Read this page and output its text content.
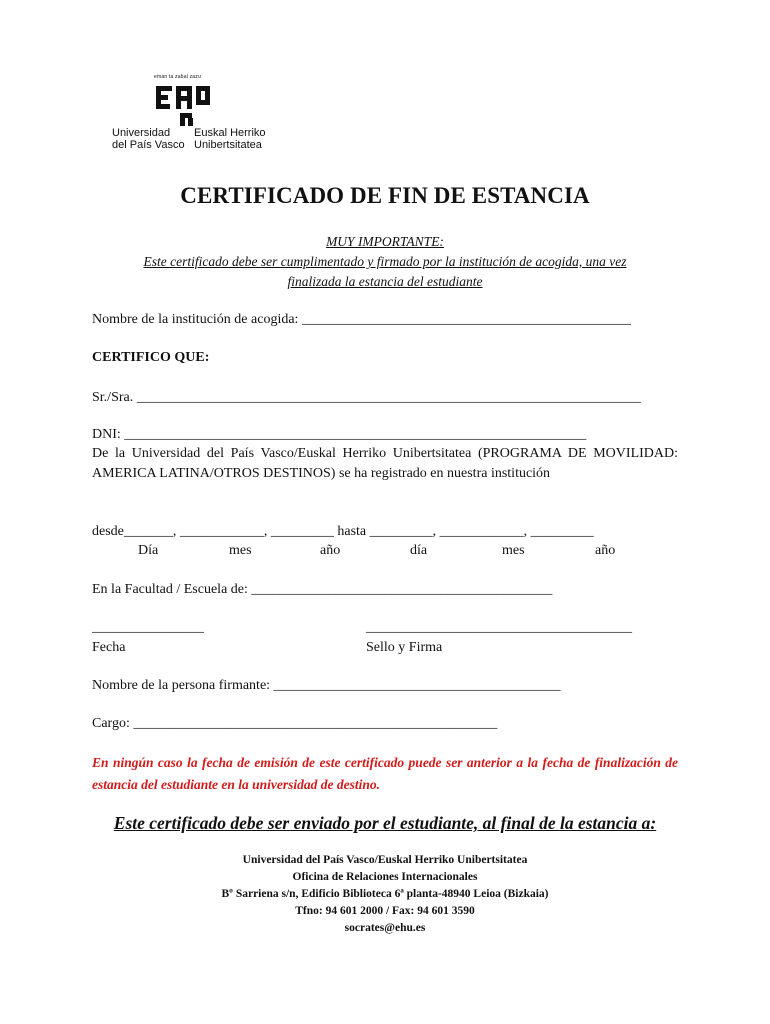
eman ta zabal zazu
Universidad
del País Vasco
Euskal Herriko
Unibertsitatea
CERTIFICADO DE FIN DE ESTANCIA
MUY IMPORTANTE:
Este certificado debe ser cumplimentado y firmado por la institución de acogida, una vez
finalizada la estancia del estudiante
Nombre de la institución de acogida: _______________________________________________
CERTIFICO QUE:
Sr./Sra. ________________________________________________________________________
DNI: __________________________________________________________________
De la Universidad del País Vasco/Euskal Herriko Unibertsitatea (PROGRAMA DE MOVILIDAD: AMERICA LATINA/OTROS DESTINOS) se ha registrado en nuestra institución
desde_______, ____________, _________ hasta _________, ____________, _________
Día	mes	año	día	mes	año
En la Facultad / Escuela de: ___________________________________________
________________
Fecha
______________________________________
Sello y Firma
Nombre de la persona firmante: _________________________________________
Cargo: ____________________________________________________
En ningún caso la fecha de emisión de este certificado puede ser anterior a la fecha de finalización de estancia del estudiante en la universidad de destino.
Este certificado debe ser enviado por el estudiante, al final de la estancia a:
Universidad del País Vasco/Euskal Herriko Unibertsitatea
Oficina de Relaciones Internacionales
Bº Sarriena s/n, Edificio Biblioteca 6ª planta-48940 Leioa (Bizkaia)
Tfno: 94 601 2000 / Fax: 94 601 3590
socrates@ehu.es
